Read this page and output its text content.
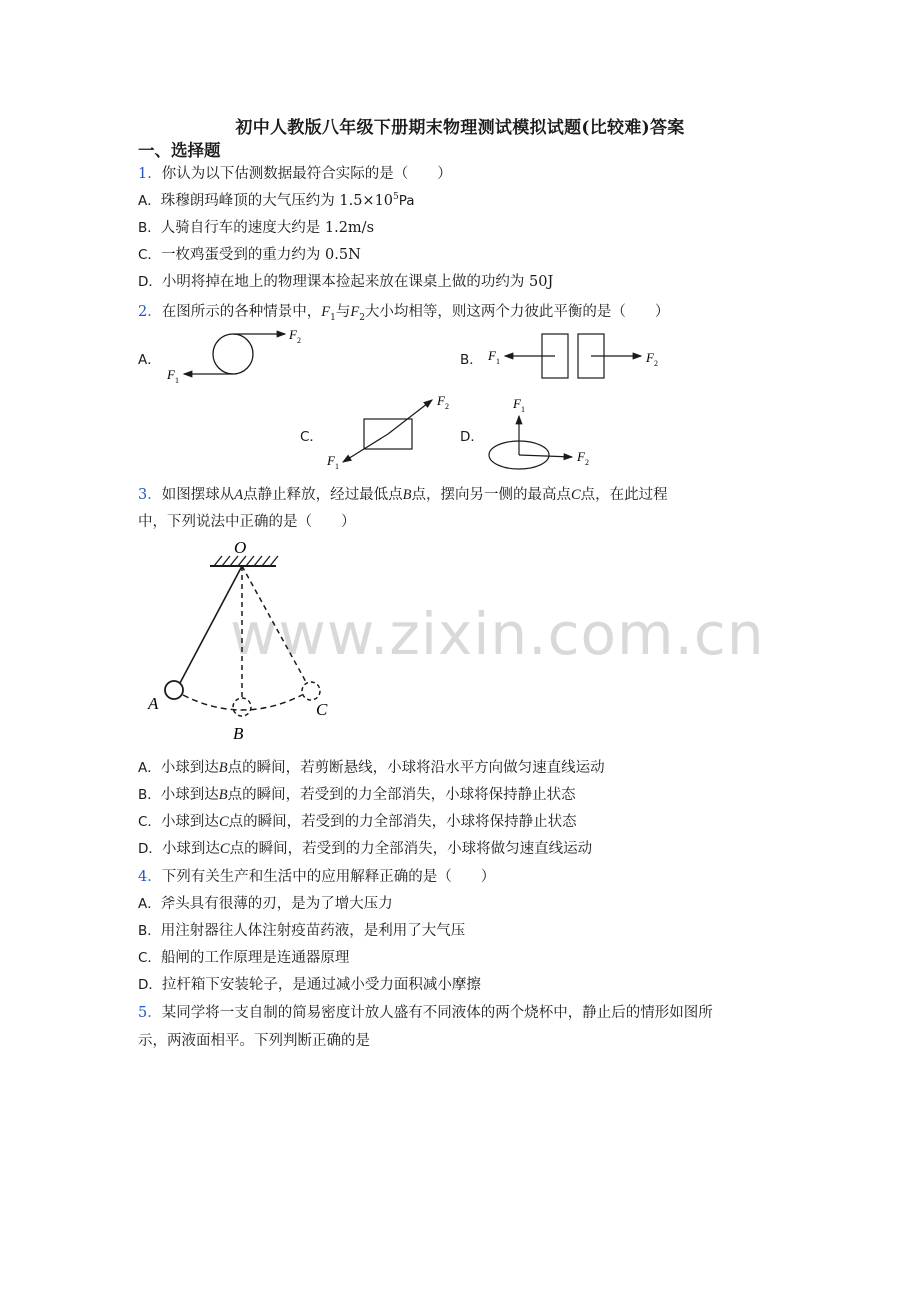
www.zixin.com.cn
初中人教版八年级下册期末物理测试模拟试题(比较难)答案
一、选择题
1．你认为以下估测数据最符合实际的是（　　）
A．珠穆朗玛峰顶的大气压约为 $1.5\times 10^5Pa$
B．人骑自行车的速度大约是 1.2m/s
C．一枚鸡蛋受到的重力约为 0.5N
D．小明将掉在地上的物理课本捡起来放在课桌上做的功约为 50J
2．在图所示的各种情景中，$F_1$与$F_2$大小均相等，则这两个力彼此平衡的是（　　）
A．	B．
C．	D．
$F_2$
$F_1$
$F_1$	$F_2$
$F_2$
$F_1$
$F_1$
$F_2$
3．如图摆球从A点静止释放，经过最低点B点，摆向另一侧的最高点C点，在此过程
中，下列说法中正确的是（　　）
O
A
B
C
A．小球到达B点的瞬间，若剪断悬线，小球将沿水平方向做匀速直线运动
B．小球到达B点的瞬间，若受到的力全部消失，小球将保持静止状态
C．小球到达C点的瞬间，若受到的力全部消失，小球将保持静止状态
D．小球到达C点的瞬间，若受到的力全部消失，小球将做匀速直线运动
4．下列有关生产和生活中的应用解释正确的是（　　）
A．斧头具有很薄的刃，是为了增大压力
B．用注射器往人体注射疫苗药液，是利用了大气压
C．船闸的工作原理是连通器原理
D．拉杆箱下安装轮子，是通过减小受力面积减小摩擦
5．某同学将一支自制的简易密度计放人盛有不同液体的两个烧杯中，静止后的情形如图所
示，两液面相平。下列判断正确的是
